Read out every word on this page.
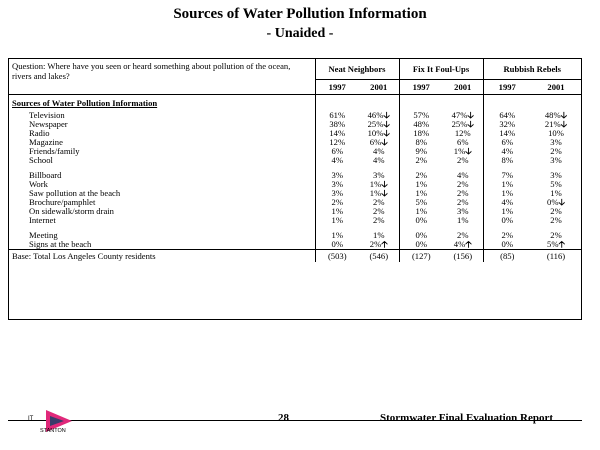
Sources of Water Pollution Information
- Unaided -
Question: Where have you seen or heard something about pollution of the ocean, rivers and lakes?	Neat Neighbors		Fix It Foul-Ups		Rubbish Rebels	
	1997	2001	1997	2001	1997	2001
Sources of Water Pollution Information						
Television	61%	46%🡣	57%	47%🡣	64%	48%🡣
Newspaper	38%	25%🡣	48%	25%🡣	32%	21%🡣
Radio	14%	10%🡣	18%	12%	14%	10%
Magazine	12%	6%🡣	8%	6%	6%	3%
Friends/family	6%	4%	9%	1%🡣	4%	2%
School	4%	4%	2%	2%	8%	3%

Billboard	3%	3%	2%	4%	7%	3%
Work	3%	1%🡣	1%	2%	1%	5%
Saw pollution at the beach	3%	1%🡣	1%	2%	1%	1%
Brochure/pamphlet	2%	2%	5%	2%	4%	0%🡣
On sidewalk/storm drain	1%	2%	1%	3%	1%	2%
Internet	1%	2%	0%	1%	0%	2%

Meeting	1%	1%	0%	2%	2%	2%
Signs at the beach	0%	2%🡡	0%	4%🡡	0%	5%🡡
Base: Total Los Angeles County residents	(503)	(546)	(127)	(156)	(85)	(116)
IT
STANTON
28	Stormwater Final Evaluation Report
